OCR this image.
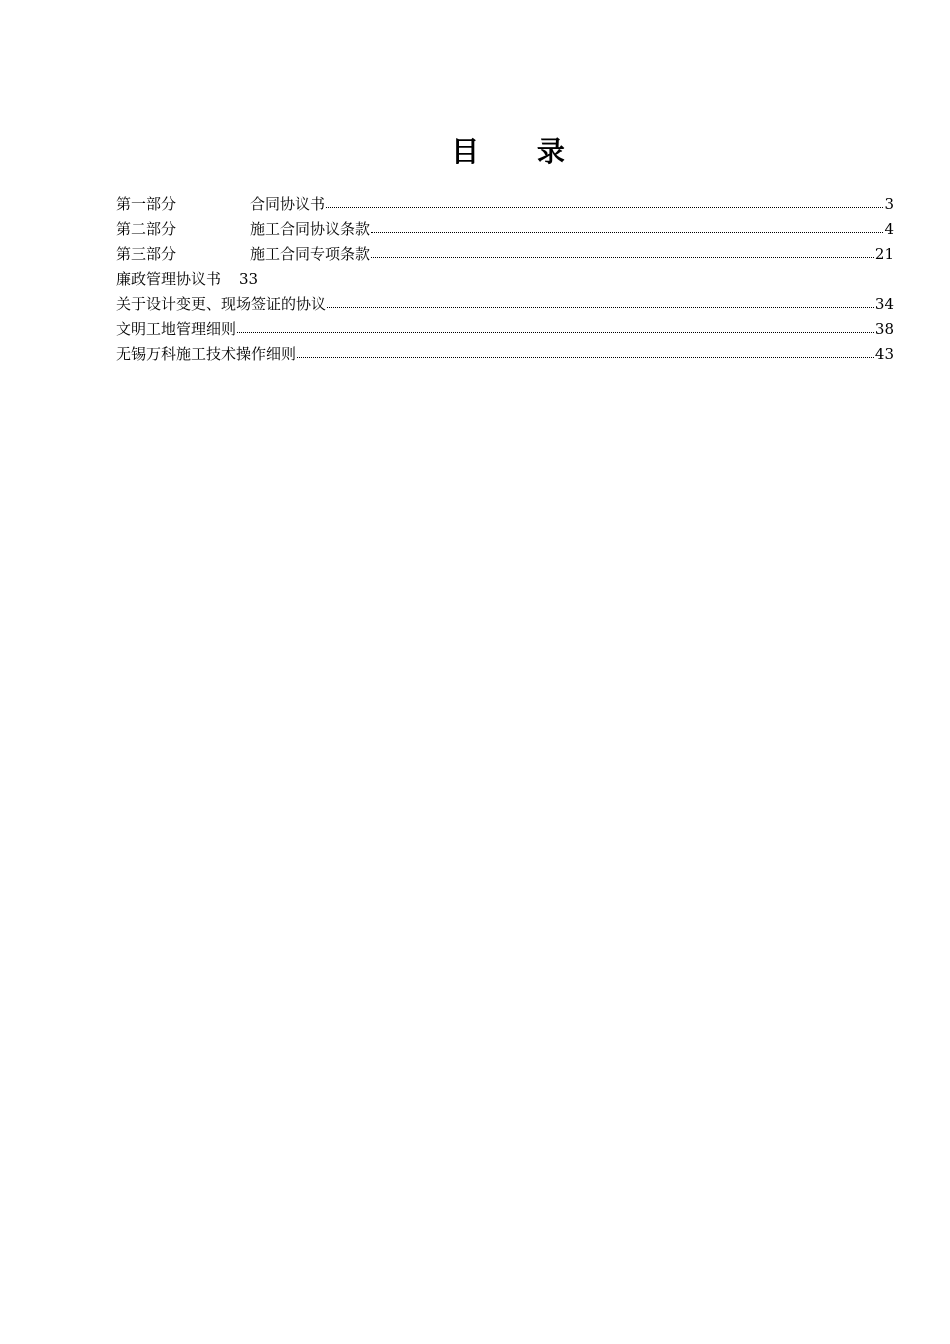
目 录
第一部分	合同协议书	3
第二部分	施工合同协议条款	4
第三部分	施工合同专项条款	21
廉政管理协议书 33
关于设计变更、现场签证的协议	34
文明工地管理细则	38
无锡万科施工技术操作细则	43
